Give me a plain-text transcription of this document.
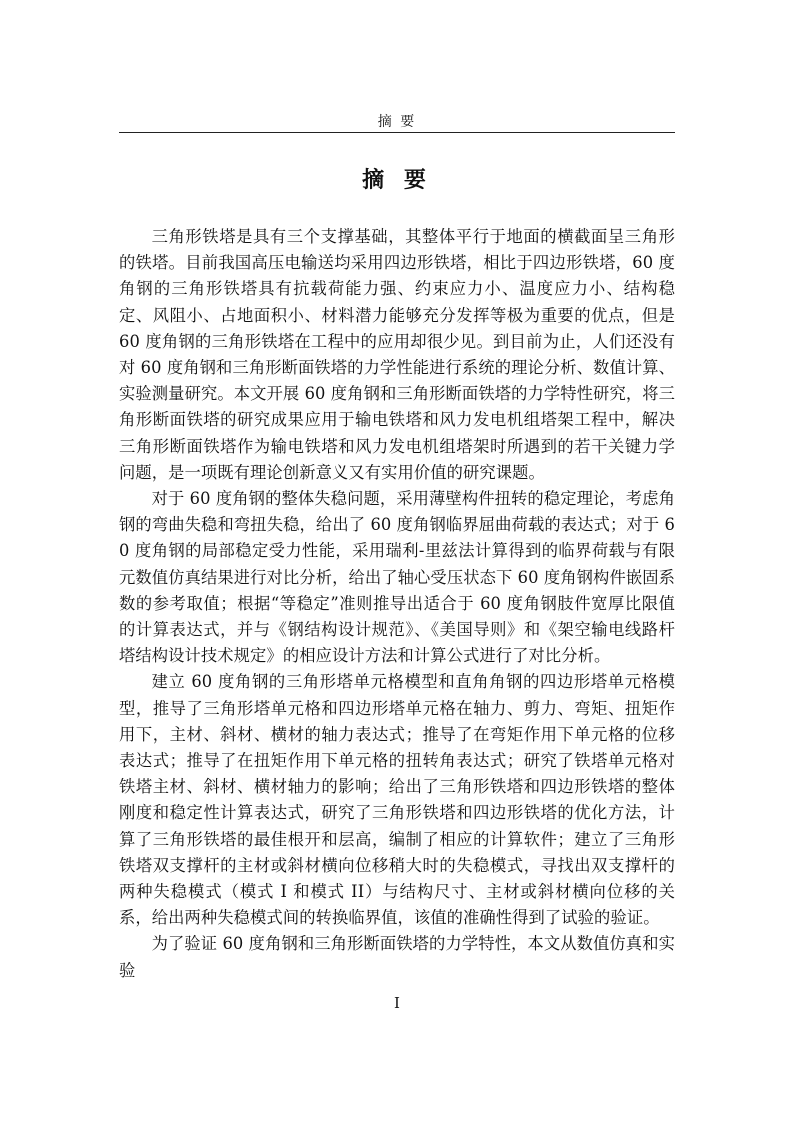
摘 要
摘 要

三角形铁塔是具有三个支撑基础，其整体平行于地面的横截面呈三角形的铁塔。目前我国高压电输送均采用四边形铁塔，相比于四边形铁塔，60 度角钢的三角形铁塔具有抗载荷能力强、约束应力小、温度应力小、结构稳定、风阻小、占地面积小、材料潜力能够充分发挥等极为重要的优点，但是 60 度角钢的三角形铁塔在工程中的应用却很少见。到目前为止，人们还没有对 60 度角钢和三角形断面铁塔的力学性能进行系统的理论分析、数值计算、实验测量研究。本文开展 60 度角钢和三角形断面铁塔的力学特性研究，将三角形断面铁塔的研究成果应用于输电铁塔和风力发电机组塔架工程中，解决三角形断面铁塔作为输电铁塔和风力发电机组塔架时所遇到的若干关键力学问题，是一项既有理论创新意义又有实用价值的研究课题。

对于 60 度角钢的整体失稳问题，采用薄壁构件扭转的稳定理论，考虑角钢的弯曲失稳和弯扭失稳，给出了 60 度角钢临界屈曲荷载的表达式；对于 60 度角钢的局部稳定受力性能，采用瑞利-里兹法计算得到的临界荷载与有限元数值仿真结果进行对比分析，给出了轴心受压状态下 60 度角钢构件嵌固系数的参考取值；根据“等稳定”准则推导出适合于 60 度角钢肢件宽厚比限值的计算表达式，并与《钢结构设计规范》、《美国导则》和《架空输电线路杆塔结构设计技术规定》的相应设计方法和计算公式进行了对比分析。

建立 60 度角钢的三角形塔单元格模型和直角角钢的四边形塔单元格模型，推导了三角形塔单元格和四边形塔单元格在轴力、剪力、弯矩、扭矩作用下，主材、斜材、横材的轴力表达式；推导了在弯矩作用下单元格的位移表达式；推导了在扭矩作用下单元格的扭转角表达式；研究了铁塔单元格对铁塔主材、斜材、横材轴力的影响；给出了三角形铁塔和四边形铁塔的整体刚度和稳定性计算表达式，研究了三角形铁塔和四边形铁塔的优化方法，计算了三角形铁塔的最佳根开和层高，编制了相应的计算软件；建立了三角形铁塔双支撑杆的主材或斜材横向位移稍大时的失稳模式，寻找出双支撑杆的两种失稳模式（模式 I 和模式 II）与结构尺寸、主材或斜材横向位移的关系，给出两种失稳模式间的转换临界值，该值的准确性得到了试验的验证。

为了验证 60 度角钢和三角形断面铁塔的力学特性，本文从数值仿真和实验

I
